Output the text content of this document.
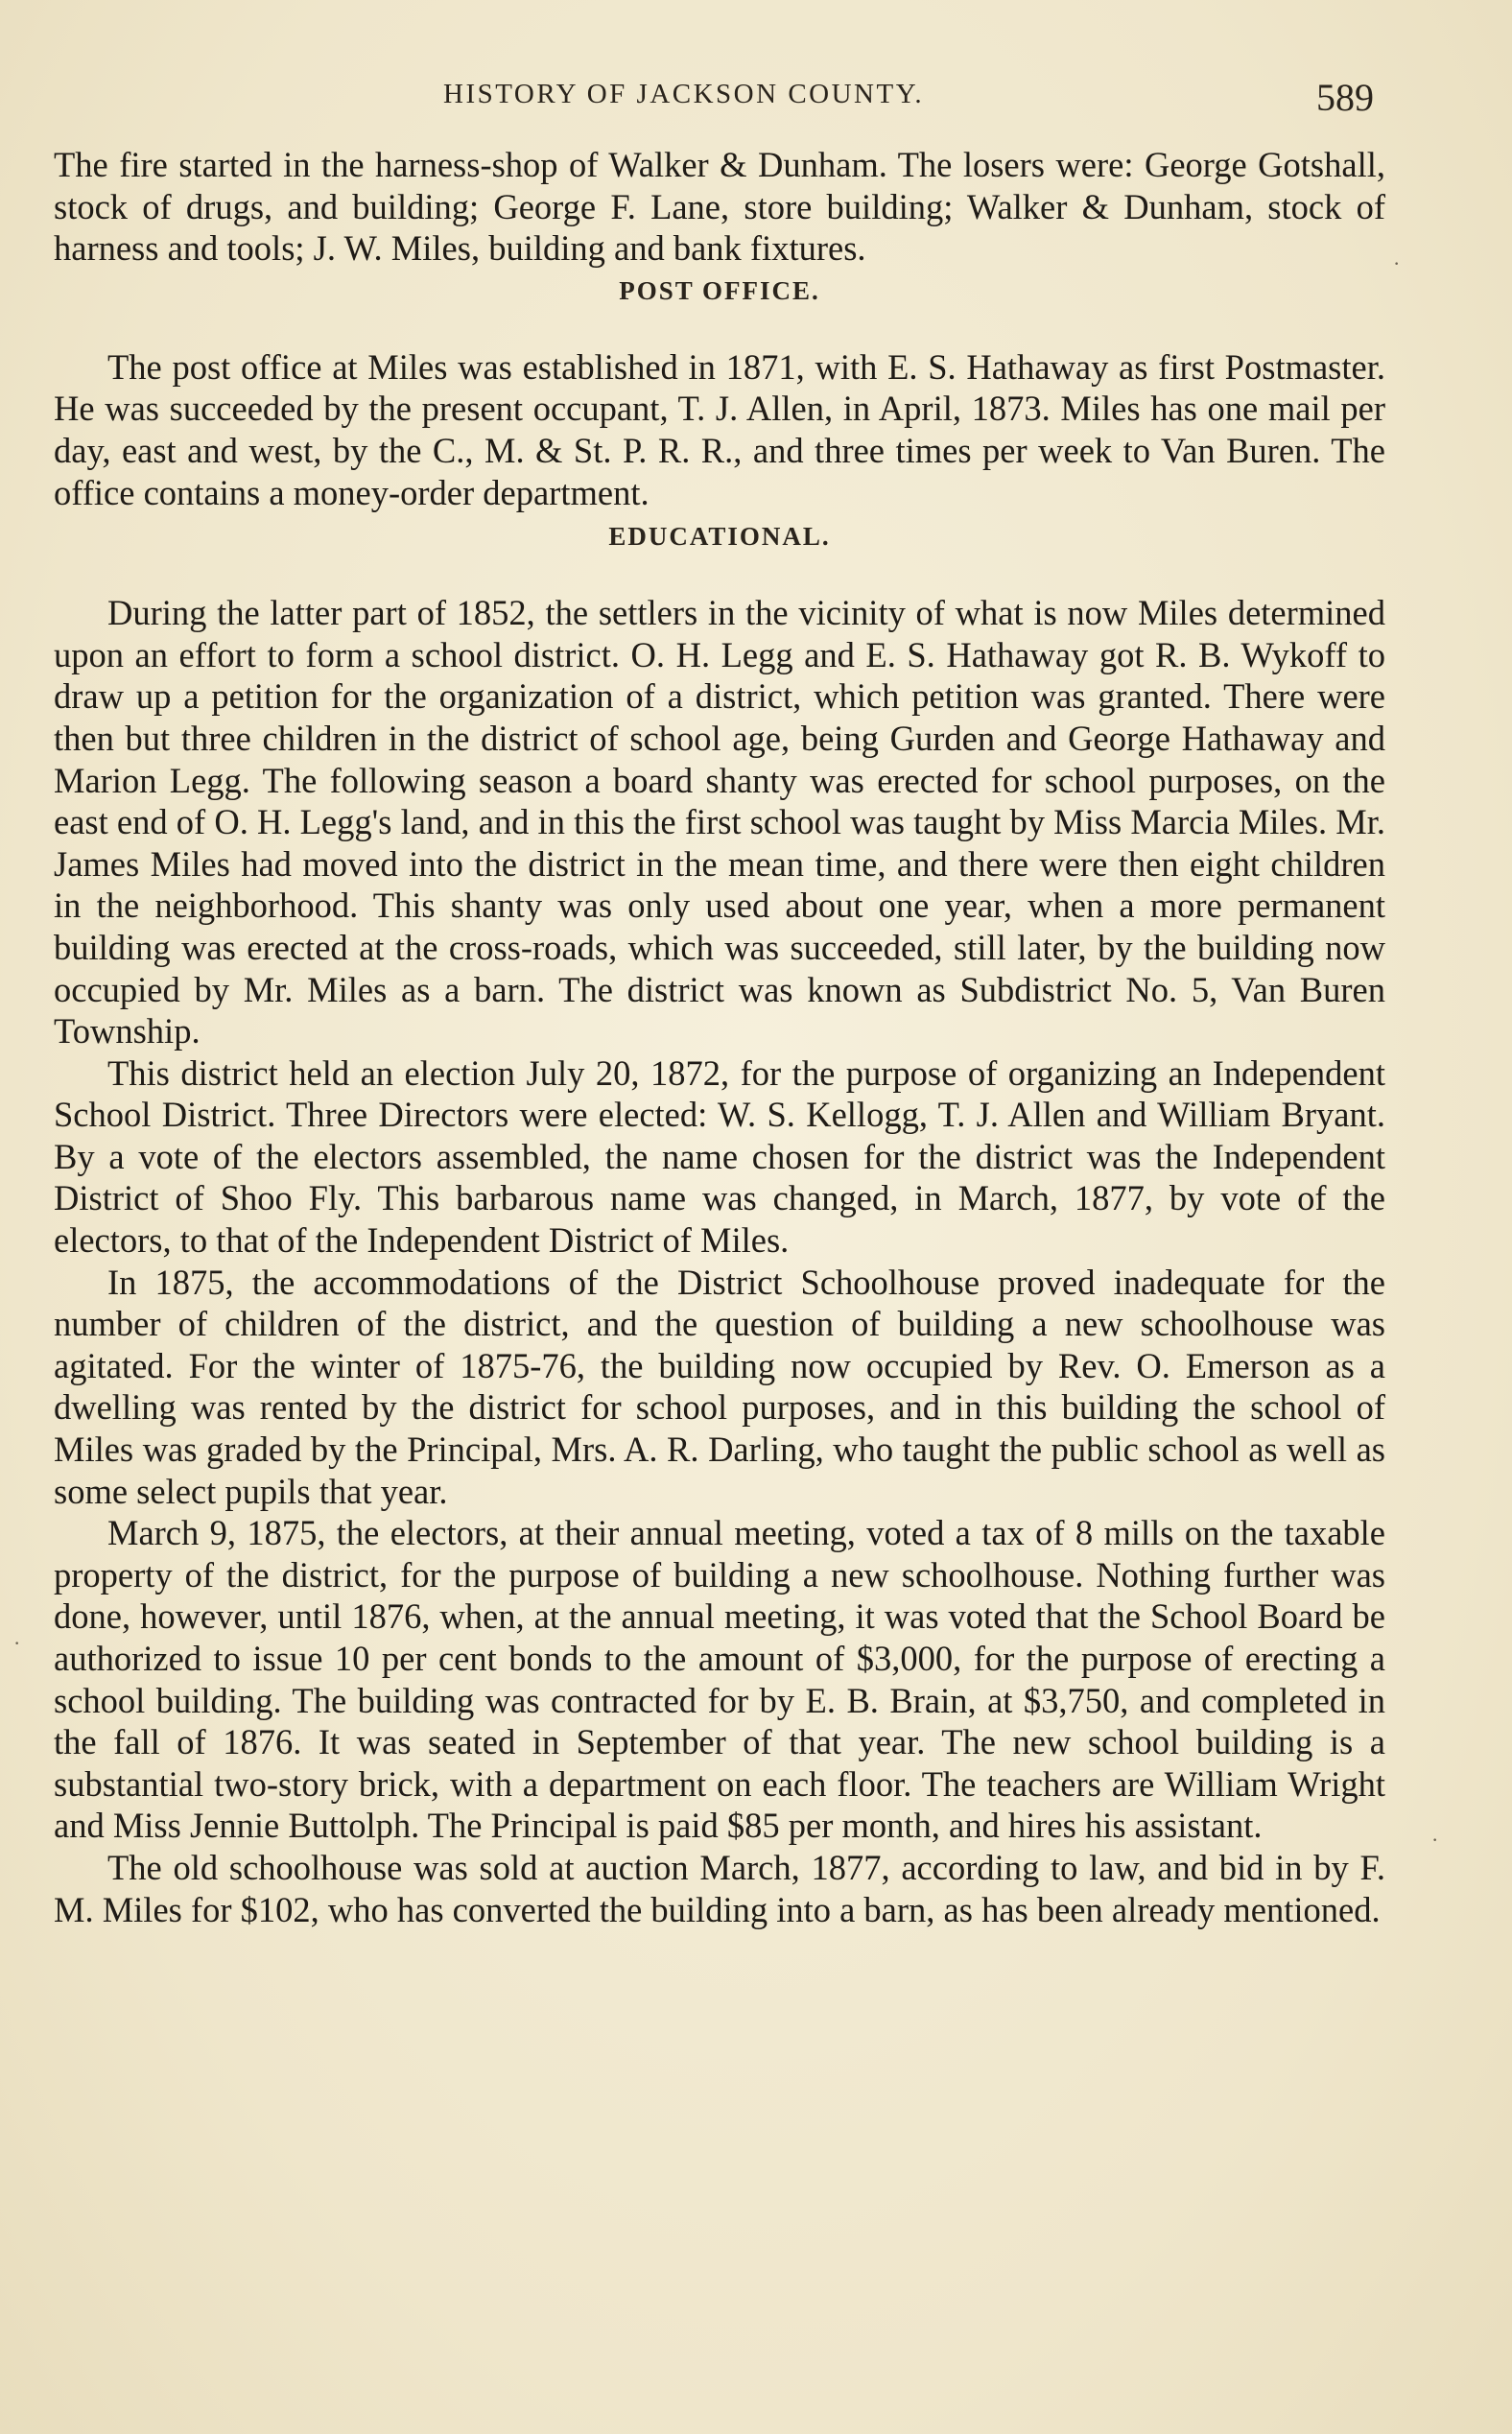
HISTORY OF JACKSON COUNTY.	589

The fire started in the harness-shop of Walker & Dunham. The losers were: George Gotshall, stock of drugs, and building; George F. Lane, store building; Walker & Dunham, stock of harness and tools; J. W. Miles, building and bank fixtures.

POST OFFICE.

The post office at Miles was established in 1871, with E. S. Hathaway as first Postmaster. He was succeeded by the present occupant, T. J. Allen, in April, 1873. Miles has one mail per day, east and west, by the C., M. & St. P. R. R., and three times per week to Van Buren. The office contains a money-order department.

EDUCATIONAL.

During the latter part of 1852, the settlers in the vicinity of what is now Miles determined upon an effort to form a school district. O. H. Legg and E. S. Hathaway got R. B. Wykoff to draw up a petition for the organization of a district, which petition was granted. There were then but three children in the district of school age, being Gurden and George Hathaway and Marion Legg. The following season a board shanty was erected for school purposes, on the east end of O. H. Legg's land, and in this the first school was taught by Miss Marcia Miles. Mr. James Miles had moved into the district in the mean time, and there were then eight children in the neighborhood. This shanty was only used about one year, when a more permanent building was erected at the cross-roads, which was succeeded, still later, by the building now occupied by Mr. Miles as a barn. The district was known as Subdistrict No. 5, Van Buren Township.

This district held an election July 20, 1872, for the purpose of organizing an Independent School District. Three Directors were elected: W. S. Kellogg, T. J. Allen and William Bryant. By a vote of the electors assembled, the name chosen for the district was the Independent District of Shoo Fly. This barbarous name was changed, in March, 1877, by vote of the electors, to that of the Independent District of Miles.

In 1875, the accommodations of the District Schoolhouse proved inadequate for the number of children of the district, and the question of building a new schoolhouse was agitated. For the winter of 1875-76, the building now occupied by Rev. O. Emerson as a dwelling was rented by the district for school purposes, and in this building the school of Miles was graded by the Principal, Mrs. A. R. Darling, who taught the public school as well as some select pupils that year.

March 9, 1875, the electors, at their annual meeting, voted a tax of 8 mills on the taxable property of the district, for the purpose of building a new schoolhouse. Nothing further was done, however, until 1876, when, at the annual meeting, it was voted that the School Board be authorized to issue 10 per cent bonds to the amount of $3,000, for the purpose of erecting a school building. The building was contracted for by E. B. Brain, at $3,750, and completed in the fall of 1876. It was seated in September of that year. The new school building is a substantial two-story brick, with a department on each floor. The teachers are William Wright and Miss Jennie Buttolph. The Principal is paid $85 per month, and hires his assistant.

The old schoolhouse was sold at auction March, 1877, according to law, and bid in by F. M. Miles for $102, who has converted the building into a barn, as has been already mentioned.

·
·
·
